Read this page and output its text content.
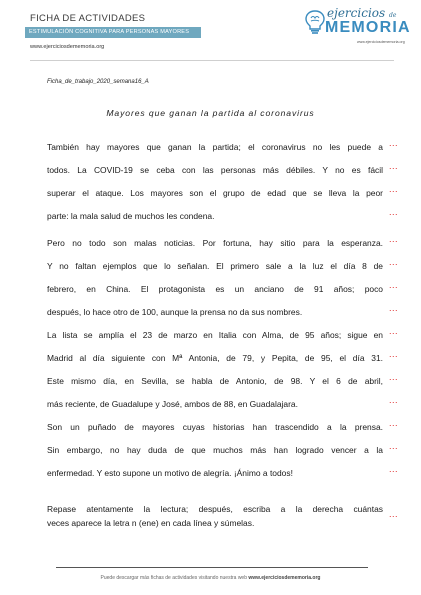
FICHA DE ACTIVIDADES
ESTIMULACIÓN COGNITIVA PARA PERSONAS MAYORES
www.ejerciciosdememoria.org
ejercicios de
MEMORIA
www.ejerciciosdememoria.org
Ficha_de_trabajo_2020_semana16_A
Mayores que ganan la partida al coronavirus
También hay mayores que ganan la partida; el coronavirus no les puede a
todos. La COVID-19 se ceba con las personas más débiles. Y no es fácil
superar el ataque. Los mayores son el grupo de edad que se lleva la peor
parte: la mala salud de muchos les condena.
Pero no todo son malas noticias. Por fortuna, hay sitio para la esperanza.
Y no faltan ejemplos que lo señalan. El primero sale a la luz el día 8 de
febrero, en China. El protagonista es un anciano de 91 años; poco
después, lo hace otro de 100, aunque la prensa no da sus nombres.
La lista se amplía el 23 de marzo en Italia con Alma, de 95 años; sigue en
Madrid al día siguiente con Mª Antonia, de 79, y Pepita, de 95, el día 31.
Este mismo día, en Sevilla, se habla de Antonio, de 98. Y el 6 de abril,
más reciente, de Guadalupe y José, ambos de 88, en Guadalajara.
Son un puñado de mayores cuyas historias han trascendido a la prensa.
Sin embargo, no hay duda de que muchos más han logrado vencer a la
enfermedad. Y esto supone un motivo de alegría. ¡Ánimo a todos!
Repase atentamente la lectura; después, escriba a la derecha cuántas
veces aparece la letra n (ene) en cada línea y súmelas.
...
...
...
...
...
...
...
...
...
...
...
...
...
...
...
...
Puede descargar más fichas de actividades visitando nuestra web www.ejerciciosdememoria.org
